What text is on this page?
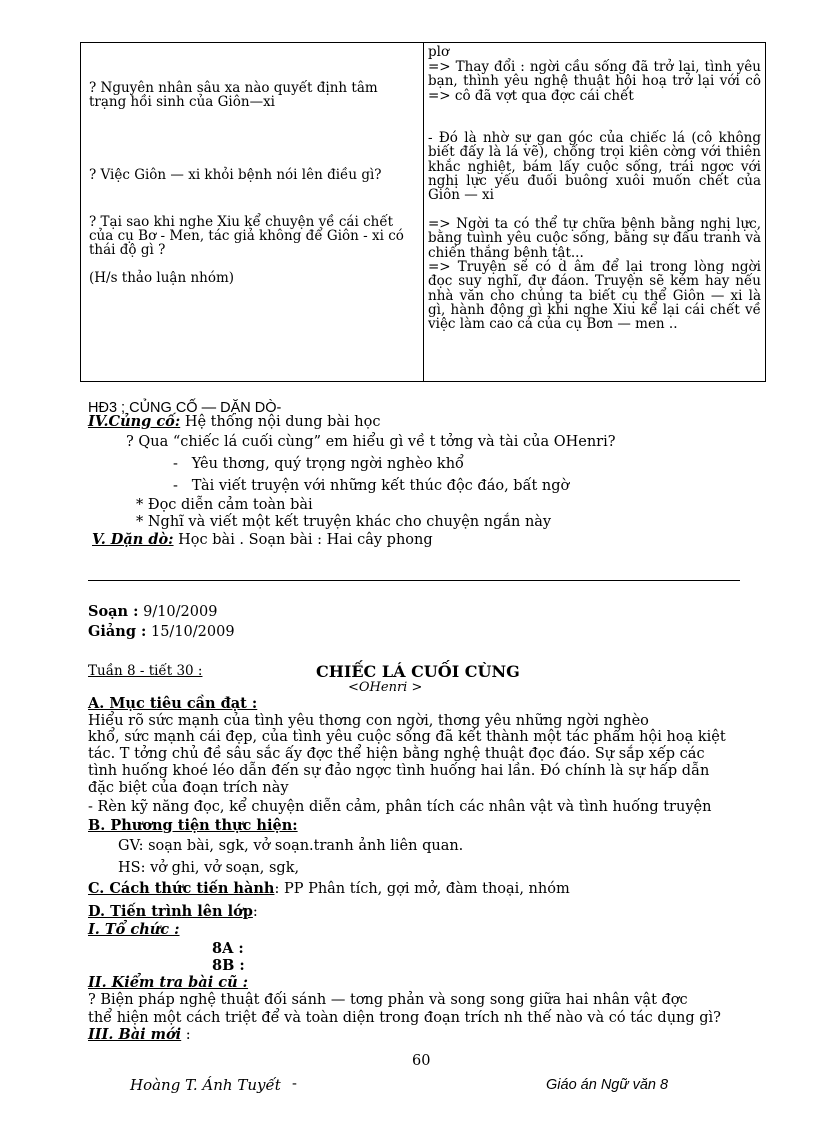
? Nguyên nhân sâu xa nào quyết định tâm trạng hồi sinh của Giôn—xi
? Việc Giôn — xi khỏi bệnh nói lên điều gì?
? Tại sao khi nghe Xiu kể chuyện về cái chết của cụ Bơ - Men, tác giả không để Giôn - xi có thái độ gì ?
(H/s thảo luận nhóm)
plơ
=> Thay đổi : ngời cầu sống đã trở lại, tình yêu bạn, thình yêu nghệ thuật hội hoạ trở lại với cô => cô đã vợt qua đợc cái chết
- Đó là nhờ sự gan góc của chiếc lá (cô không biết đấy là lá vẽ), chống trọi kiên cờng với thiên khắc nghiệt, bám lấy cuộc sống, trái ngợc với nghị lực yếu đuối buông xuôi muốn chết của Giôn — xi
=> Ngời ta có thể tự chữa bệnh bằng nghị lực, bằng tuình yêu cuộc sống, bằng sự đấu tranh và chiến thắng bệnh tật...
=> Truyện sẽ có d âm để lại trong lòng ngời đọc suy nghĩ, đự đáon. Truyện sẽ kém hay nếu nhà văn cho chúng ta biết cụ thể Giôn — xi là gì, hành động gì khi nghe Xiu kể lại cái chết về việc làm cao cả của cụ Bơn — men ..
HĐ3 ; CỦNG CỐ — DẶN DÒ-
IV.Củng cố: Hệ thống nội dung bài học
? Qua “chiếc lá cuối cùng” em hiểu gì về t tởng và tài của OHenri?
-   Yêu thơng, quý trọng ngời nghèo khổ
-   Tài viết truyện với những kết thúc độc đáo, bất ngờ
* Đọc diễn cảm toàn bài
* Nghĩ và viết một kết truyện khác cho chuyện ngắn này
V. Dặn dò: Học bài . Soạn bài : Hai cây phong
Soạn : 9/10/2009
Giảng : 15/10/2009
Tuần 8 - tiết 30 :	CHIẾC LÁ CUỐI CÙNG
<OHenri >
A. Mục tiêu cần đạt :
Hiểu rõ sức mạnh của tình yêu thơng con ngời, thơng yêu những ngời nghèo
khổ, sức mạnh cái đẹp, của tình yêu cuộc sống đã kết thành một tác phẩm hội hoạ kiệt
tác. T tởng chủ đề sâu sắc ấy đợc thể hiện bằng nghệ thuật đọc đáo. Sự sắp xếp các
tình huống khoé léo dẫn đến sự đảo ngợc tình huống hai lần. Đó chính là sự hấp dẫn
đặc biệt của đoạn trích này
- Rèn kỹ năng đọc, kể chuyện diễn cảm, phân tích các nhân vật và tình huống truyện
B. Phương tiện thực hiện:
GV: soạn bài, sgk, vở soạn.tranh ảnh liên quan.
HS: vở ghi, vở soạn, sgk,
C. Cách thức tiến hành: PP Phân tích, gợi mở, đàm thoại, nhóm
D. Tiến trình lên lớp:
I. Tổ chức :
8A :
8B :
II. Kiểm tra bài cũ :
? Biện pháp nghệ thuật đối sánh — tơng phản và song song giữa hai nhân vật đợc
thể hiện một cách triệt để và toàn diện trong đoạn trích nh thế nào và có tác dụng gì?
III. Bài mới :
60
Hoàng T. Ánh Tuyết -	Giáo án Ngữ văn 8
